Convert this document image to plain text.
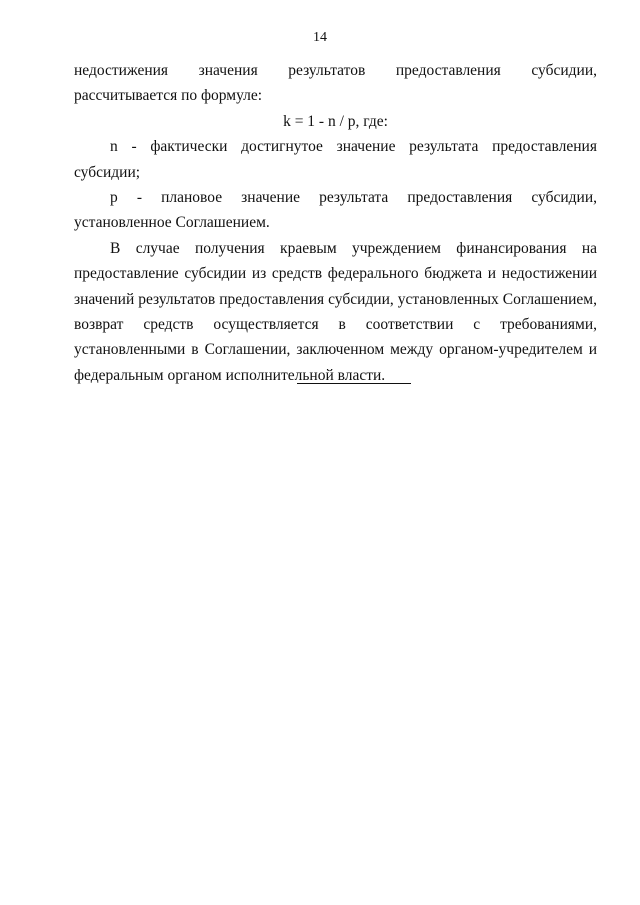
14

недостижения значения результатов предоставления субсидии, рассчитывается по формуле:

k = 1 - n / p, где:

n - фактически достигнутое значение результата предоставления субсидии;

p - плановое значение результата предоставления субсидии, установленное Соглашением.

В случае получения краевым учреждением финансирования на предоставление субсидии из средств федерального бюджета и недостижении значений результатов предоставления субсидии, установленных Соглашением, возврат средств осуществляется в соответствии с требованиями, установленными в Соглашении, заключенном между органом-учредителем и федеральным органом исполнительной власти.
